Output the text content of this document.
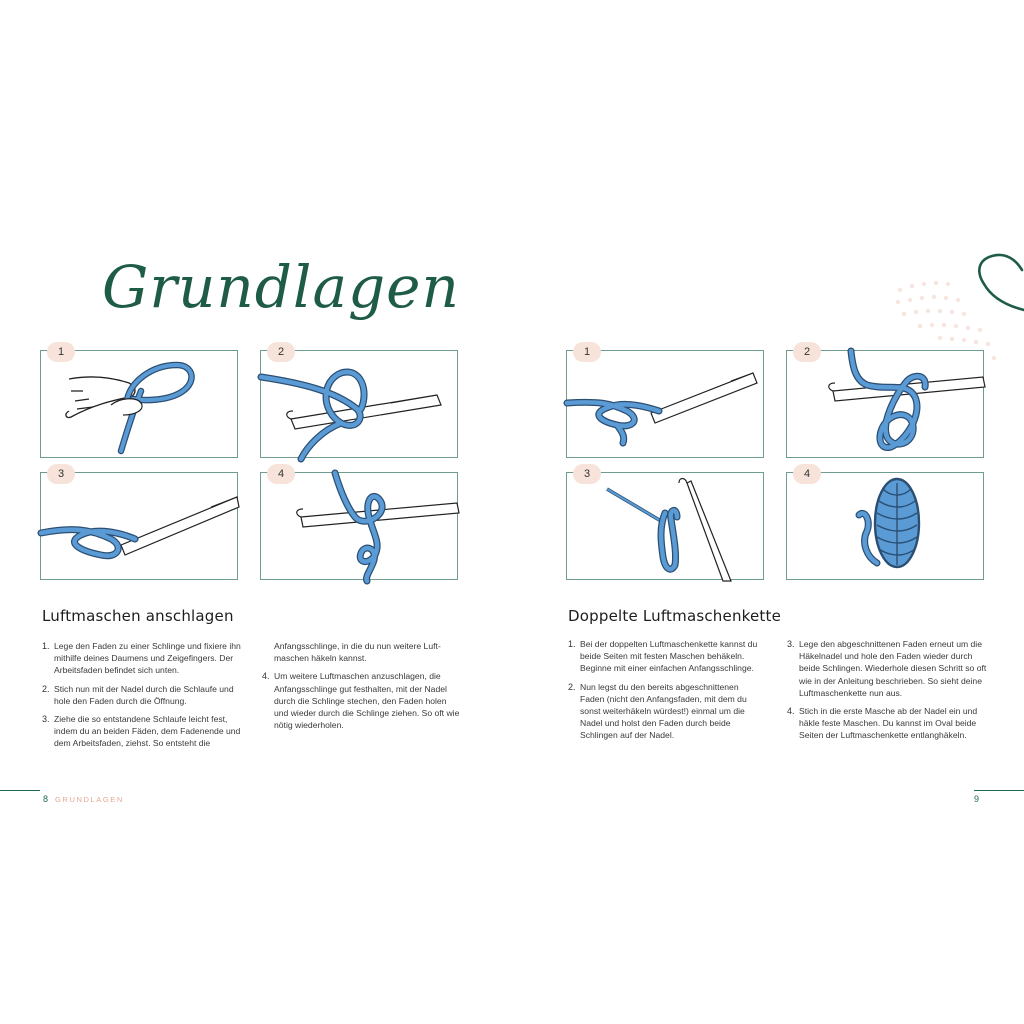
Grundlagen
1	2
3	4
1	2
3	4
Luftmaschen anschlagen
1. Lege den Faden zu einer Schlinge und fixiere ihn mithilfe deines Daumens und Zeigefingers. Der Arbeitsfaden befindet sich unten.
2. Stich nun mit der Nadel durch die Schlaufe und hole den Faden durch die Öffnung.
3. Ziehe die so entstandene Schlaufe leicht fest, indem du an beiden Fäden, dem Fadenende und dem Arbeitsfaden, ziehst. So entsteht die
Anfangsschlinge, in die du nun weitere Luftmaschen häkeln kannst.
4. Um weitere Luftmaschen anzuschlagen, die Anfangsschlinge gut festhalten, mit der Nadel durch die Schlinge stechen, den Faden holen und wieder durch die Schlinge ziehen. So oft wie nötig wiederholen.
Doppelte Luftmaschenkette
1. Bei der doppelten Luftmaschenkette kannst du beide Seiten mit festen Maschen behäkeln. Beginne mit einer einfachen Anfangsschlinge.
2. Nun legst du den bereits abgeschnittenen Faden (nicht den Anfangsfaden, mit dem du sonst weiterhäkeln würdest!) einmal um die Nadel und holst den Faden durch beide Schlingen auf der Nadel.
3. Lege den abgeschnittenen Faden erneut um die Häkelnadel und hole den Faden wieder durch beide Schlingen. Wiederhole diesen Schritt so oft wie in der Anleitung beschrieben. So sieht deine Luftmaschenkette nun aus.
4. Stich in die erste Masche ab der Nadel ein und häkle feste Maschen. Du kannst im Oval beide Seiten der Luftmaschenkette entlanghäkeln.
8 GRUNDLAGEN	9
